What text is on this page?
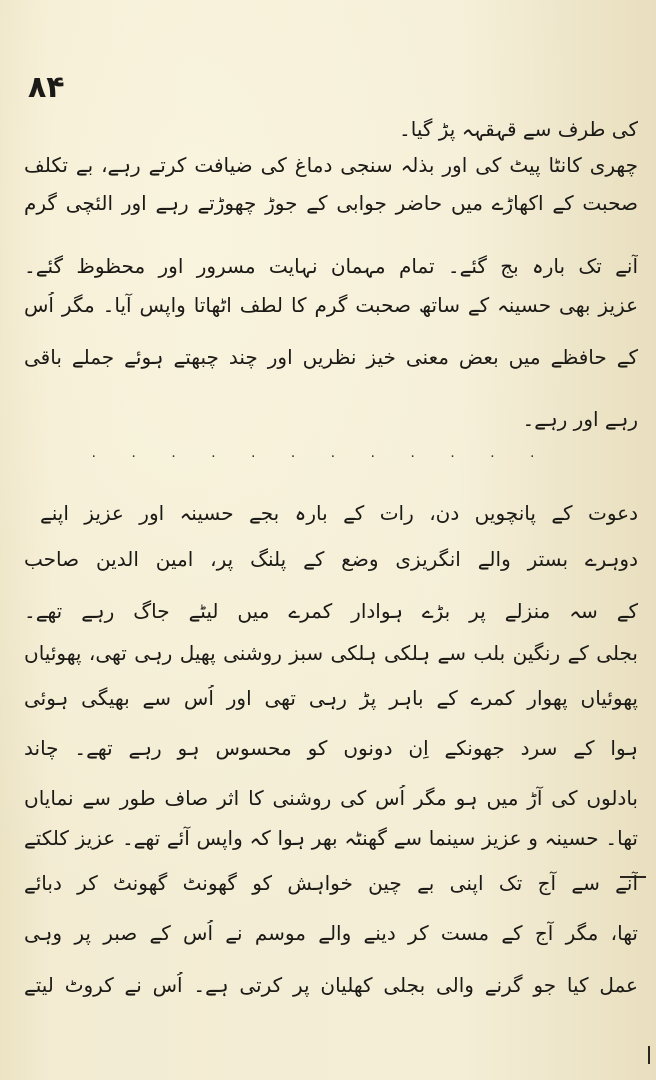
۸۴
کی طرف سے قہقہہ پڑ گیا۔
چھری کانٹا پیٹ کی اور بذلہ سنجی دماغ کی ضیافت کرتے رہے، بے تکلف
صحبت کے اکھاڑے میں حاضر جوابی کے جوڑ چھوڑتے رہے اور الئچی گرم
آنے تک بارہ بج گئے۔ تمام مہمان نہایت مسرور اور محظوظ گئے۔
عزیز بھی حسینہ کے ساتھ صحبت گرم کا لطف اٹھاتا واپس آیا۔ مگر اُس
کے حافظے میں بعض معنی خیز نظریں اور چند چبھتے ہوئے جملے باقی
رہے اور رہے۔
۰ ۰ ۰ ۰ ۰ ۰ ۰ ۰ ۰ ۰ ۰ ۰
دعوت کے پانچویں دن، رات کے بارہ بجے حسینہ اور عزیز اپنے
دوہرے بستر والے انگریزی وضع کے پلنگ پر، امین الدین صاحب
کے سہ منزلے پر بڑے ہوادار کمرے میں لیٹے جاگ رہے تھے۔
بجلی کے رنگین بلب سے ہلکی ہلکی سبز روشنی پھیل رہی تھی، پھوئیاں
پھوئیاں پھوار کمرے کے باہر پڑ رہی تھی اور اُس سے بھیگی ہوئی
ہوا کے سرد جھونکے اِن دونوں کو محسوس ہو رہے تھے۔ چاند
بادلوں کی آڑ میں ہو مگر اُس کی روشنی کا اثر صاف طور سے نمایاں
تھا۔ حسینہ و عزیز سینما سے گھنٹہ بھر ہوا کہ واپس آئے تھے۔ عزیز کلکتے
آنے سے آج تک اپنی بے چین خواہش کو گھونٹ گھونٹ کر دبائے
تھا، مگر آج کے مست کر دینے والے موسم نے اُس کے صبر پر وہی
عمل کیا جو گرنے والی بجلی کھلیان پر کرتی ہے۔ اُس نے کروٹ لیتے
